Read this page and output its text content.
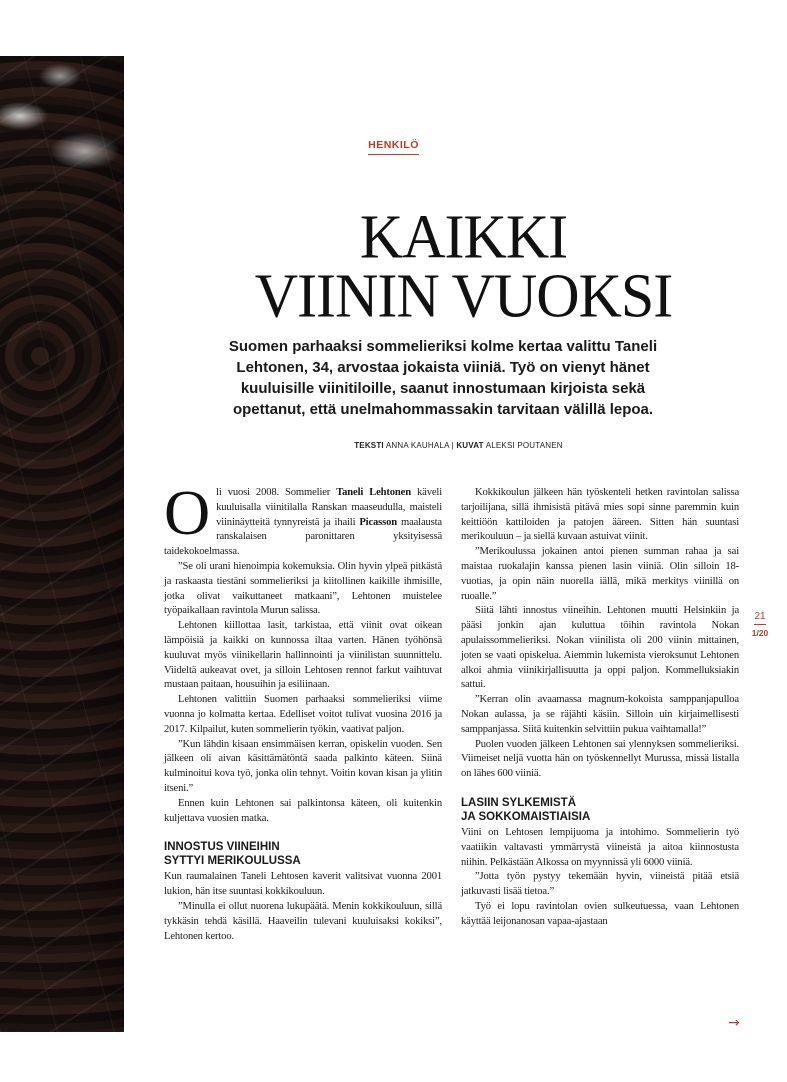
HENKILÖ
KAIKKI
VIININ VUOKSI
Suomen parhaaksi sommelieriksi kolme kertaa valittu Taneli Lehtonen, 34, arvostaa jokaista viiniä. Työ on vienyt hänet kuuluisille viinitiloille, saanut innostumaan kirjoista sekä opettanut, että unelmahommassakin tarvitaan välillä lepoa.
TEKSTI ANNA KAUHALA | KUVAT ALEKSI POUTANEN

Oli vuosi 2008. Sommelier Taneli Lehtonen käveli kuuluisalla viinitilalla Ranskan maaseudulla, maisteli viininäytteitä tynnyreistä ja ihaili Picasson maalausta ranskalaisen paronittaren yksityisessä taidekokoelmassa.

”Se oli urani hienoimpia kokemuksia. Olin hyvin ylpeä pitkästä ja raskaasta tiestäni sommelieriksi ja kiitollinen kaikille ihmisille, jotka olivat vaikuttaneet matkaani”, Lehtonen muistelee työpaikallaan ravintola Murun salissa.

Lehtonen kiillottaa lasit, tarkistaa, että viinit ovat oikean lämpöisiä ja kaikki on kunnossa iltaa varten. Hänen työhönsä kuuluvat myös viinikellarin hallinnointi ja viinilistan suunnittelu. Viideltä aukeavat ovet, ja silloin Lehtosen rennot farkut vaihtuvat mustaan paitaan, housuihin ja esiliinaan.

Lehtonen valittiin Suomen parhaaksi sommelieriksi viime vuonna jo kolmatta kertaa. Edelliset voitot tulivat vuosina 2016 ja 2017. Kilpailut, kuten sommelierin työkin, vaativat paljon.

”Kun lähdin kisaan ensimmäisen kerran, opiskelin vuoden. Sen jälkeen oli aivan käsittämätöntä saada palkinto käteen. Siinä kulminoitui kova työ, jonka olin tehnyt. Voitin kovan kisan ja ylitin itseni.”

Ennen kuin Lehtonen sai palkintonsa käteen, oli kuitenkin kuljettava vuosien matka.

INNOSTUS VIINEIHIN
SYTTYI MERIKOULUSSA

Kun raumalainen Taneli Lehtosen kaverit valitsivat vuonna 2001 lukion, hän itse suuntasi kokkikouluun.

”Minulla ei ollut nuorena lukupäätä. Menin kokkikouluun, sillä tykkäsin tehdä käsillä. Haaveilin tulevani kuuluisaksi kokiksi”, Lehtonen kertoo.

Kokkikoulun jälkeen hän työskenteli hetken ravintolan salissa tarjoilijana, sillä ihmisistä pitävä mies sopi sinne paremmin kuin keittiöön kattiloiden ja patojen ääreen. Sitten hän suuntasi merikouluun – ja siellä kuvaan astuivat viinit.

”Merikoulussa jokainen antoi pienen summan rahaa ja sai maistaa ruokalajin kanssa pienen lasin viiniä. Olin silloin 18-vuotias, ja opin näin nuorella iällä, mikä merkitys viinillä on ruoalle.”

Siitä lähti innostus viineihin. Lehtonen muutti Helsinkiin ja pääsi jonkin ajan kuluttua töihin ravintola Nokan apulaissommelieriksi. Nokan viinilista oli 200 viinin mittainen, joten se vaati opiskelua. Aiemmin lukemista vieroksunut Lehtonen alkoi ahmia viinikirjallisuutta ja oppi paljon. Kommelluksiakin sattui.

”Kerran olin avaamassa magnum-kokoista samppanjapulloa Nokan aulassa, ja se räjähti käsiin. Silloin uin kirjaimellisesti samppanjassa. Siitä kuitenkin selvittiin pukua vaihtamalla!”

Puolen vuoden jälkeen Lehtonen sai ylennyksen sommelieriksi. Viimeiset neljä vuotta hän on työskennellyt Murussa, missä listalla on lähes 600 viiniä.

LASIIN SYLKEMISTÄ
JA SOKKOMAISTIAISIA

Viini on Lehtosen lempijuoma ja intohimo. Sommelierin työ vaatiikin valtavasti ymmärrystä viineistä ja aitoa kiinnostusta niihin. Pelkästään Alkossa on myynnissä yli 6000 viiniä.

”Jotta työn pystyy tekemään hyvin, viineistä pitää etsiä jatkuvasti lisää tietoa.”

Työ ei lopu ravintolan ovien sulkeutuessa, vaan Lehtonen käyttää leijonanosan vapaa-ajastaan

21
1/20
→
